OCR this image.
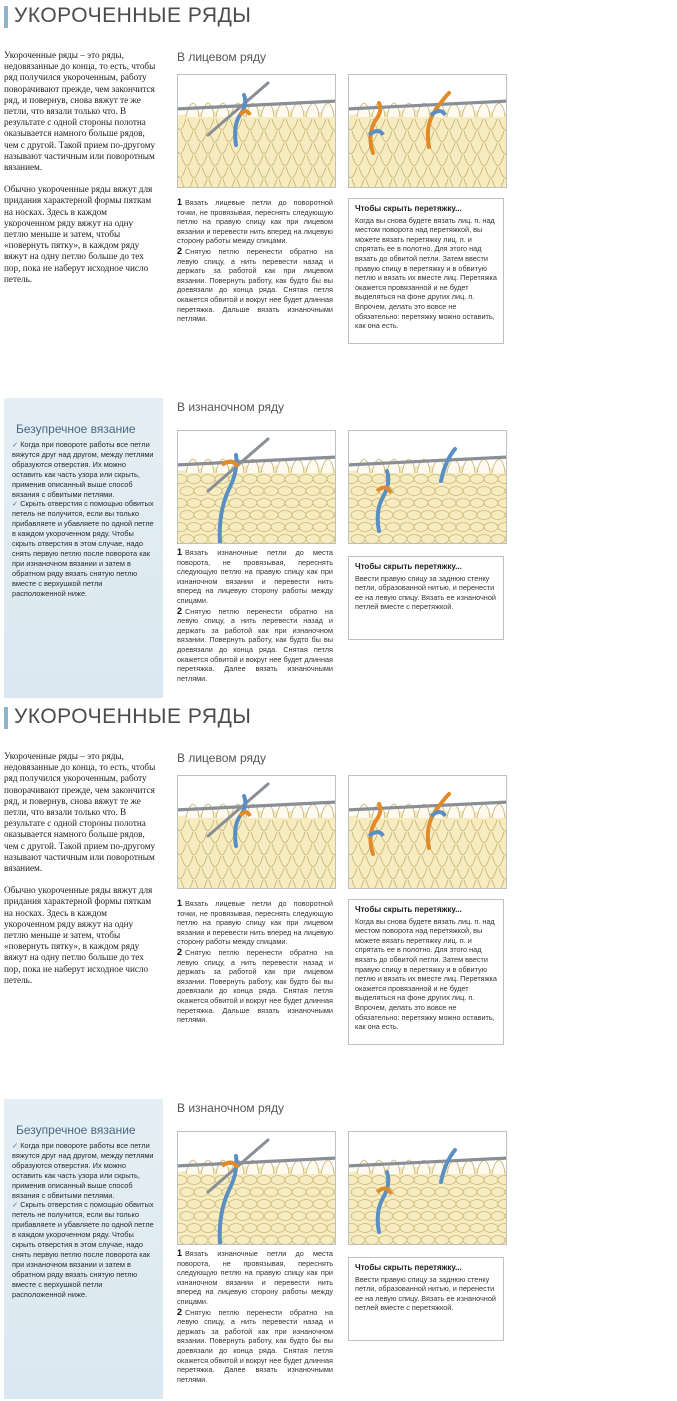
УКОРОЧЕННЫЕ РЯДЫ

Укороченные ряды – это ряды, недовязанные до конца, то есть, чтобы ряд получился укороченным, работу поворачивают прежде, чем закончится ряд, и повернув, снова вяжут те же петли, что вязали только что. В результате с одной стороны полотна оказывается намного больше рядов, чем с другой. Такой прием по-другому называют частичным или поворотным вязанием.

Обычно укороченные ряды вяжут для придания характерной формы пяткам на носках. Здесь в каждом укороченном ряду вяжут на одну петлю меньше и затем, чтобы «повернуть пятку», в каждом ряду вяжут на одну петлю больше до тех пор, пока не наберут исходное число петель.

В лицевом ряду

1 Вязать лицевые петли до поворотной точки, не провязывая, переснять следующую петлю на правую спицу как при лицевом вязании и перевести нить вперед на лицевую сторону работы между спицами.

2 Снятую петлю перенести обратно на левую спицу, а нить перевести назад и держать за работой как при лицевом вязании. Повернуть работу, как будто бы вы доевязали до конца ряда. Снятая петля окажется обвитой и вокруг нее будет длинная перетяжка. Дальше вязать изнаночными петлями.

Чтобы скрыть перетяжку...
Когда вы снова будете вязать лиц. п. над местом поворота над перетяжкой, вы можете вязать перетяжку лиц. п. и спрятать ее в полотно. Для этого над вязать до обвитой петли. Затем ввести правую спицу в перетяжку и в обвитую петлю и вязать их вместе лиц. Перетяжка окажется провязанной и не будет выделяться на фоне других лиц. п. Впрочем, делать это вовсе не обязательно: перетяжку можно оставить, как она есть.
Безупречное вязание

✓ Когда при повороте работы все петли вяжутся друг над другом, между петлями образуются отверстия. Их можно оставить как часть узора или скрыть, применив описанный выше способ вязания с обвитыми петлями.

✓ Скрыть отверстия с помощью обвитых петель не получится, если вы только прибавляете и убавляете по одной петле в каждом укороченном ряду. Чтобы скрыть отверстия в этом случае, надо снять первую петлю после поворота как при изнаночном вязании и затем в обратном ряду вязать снятую петлю вместе с верхушкой петли расположенной ниже.

В изнаночном ряду

1 Вязать изнаночные петли до места поворота, не провязывая, переснять следующую петлю на правую спицу как при изнаночном вязании и перевести нить вперед на лицевую сторону работы между спицами.

2 Снятую петлю перенести обратно на левую спицу, а нить перевести назад и держать за работой как при изнаночном вязании. Повернуть работу, как будто бы вы доевязали до конца ряда. Снятая петля окажется обвитой и вокруг нее будет длинная перетяжка. Далее вязать изнаночными петлями.

Чтобы скрыть перетяжку...
Ввести правую спицу за заднюю стенку петли, образованной нитью, и перенести ее на левую спицу. Вязать ее изнаночной петлей вместе с перетяжкой.
УКОРОЧЕННЫЕ РЯДЫ

Укороченные ряды – это ряды, недовязанные до конца, то есть, чтобы ряд получился укороченным, работу поворачивают прежде, чем закончится ряд, и повернув, снова вяжут те же петли, что вязали только что. В результате с одной стороны полотна оказывается намного больше рядов, чем с другой. Такой прием по-другому называют частичным или поворотным вязанием.

Обычно укороченные ряды вяжут для придания характерной формы пяткам на носках. Здесь в каждом укороченном ряду вяжут на одну петлю меньше и затем, чтобы «повернуть пятку», в каждом ряду вяжут на одну петлю больше до тех пор, пока не наберут исходное число петель.

В лицевом ряду

1 Вязать лицевые петли до поворотной точки, не провязывая, переснять следующую петлю на правую спицу как при лицевом вязании и перевести нить вперед на лицевую сторону работы между спицами.

2 Снятую петлю перенести обратно на левую спицу, а нить перевести назад и держать за работой как при лицевом вязании. Повернуть работу, как будто бы вы доевязали до конца ряда. Снятая петля окажется обвитой и вокруг нее будет длинная перетяжка. Дальше вязать изнаночными петлями.

Чтобы скрыть перетяжку...
Когда вы снова будете вязать лиц. п. над местом поворота над перетяжкой, вы можете вязать перетяжку лиц. п. и спрятать ее в полотно. Для этого над вязать до обвитой петли. Затем ввести правую спицу в перетяжку и в обвитую петлю и вязать их вместе лиц. Перетяжка окажется провязанной и не будет выделяться на фоне других лиц. п. Впрочем, делать это вовсе не обязательно: перетяжку можно оставить, как она есть.
Безупречное вязание

✓ Когда при повороте работы все петли вяжутся друг над другом, между петлями образуются отверстия. Их можно оставить как часть узора или скрыть, применив описанный выше способ вязания с обвитыми петлями.

✓ Скрыть отверстия с помощью обвитых петель не получится, если вы только прибавляете и убавляете по одной петле в каждом укороченном ряду. Чтобы скрыть отверстия в этом случае, надо снять первую петлю после поворота как при изнаночном вязании и затем в обратном ряду вязать снятую петлю вместе с верхушкой петли расположенной ниже.

В изнаночном ряду

1 Вязать изнаночные петли до места поворота, не провязывая, переснять следующую петлю на правую спицу как при изнаночном вязании и перевести нить вперед на лицевую сторону работы между спицами.

2 Снятую петлю перенести обратно на левую спицу, а нить перевести назад и держать за работой как при изнаночном вязании. Повернуть работу, как будто бы вы доевязали до конца ряда. Снятая петля окажется обвитой и вокруг нее будет длинная перетяжка. Далее вязать изнаночными петлями.

Чтобы скрыть перетяжку...
Ввести правую спицу за заднюю стенку петли, образованной нитью, и перенести ее на левую спицу. Вязать ее изнаночной петлей вместе с перетяжкой.
